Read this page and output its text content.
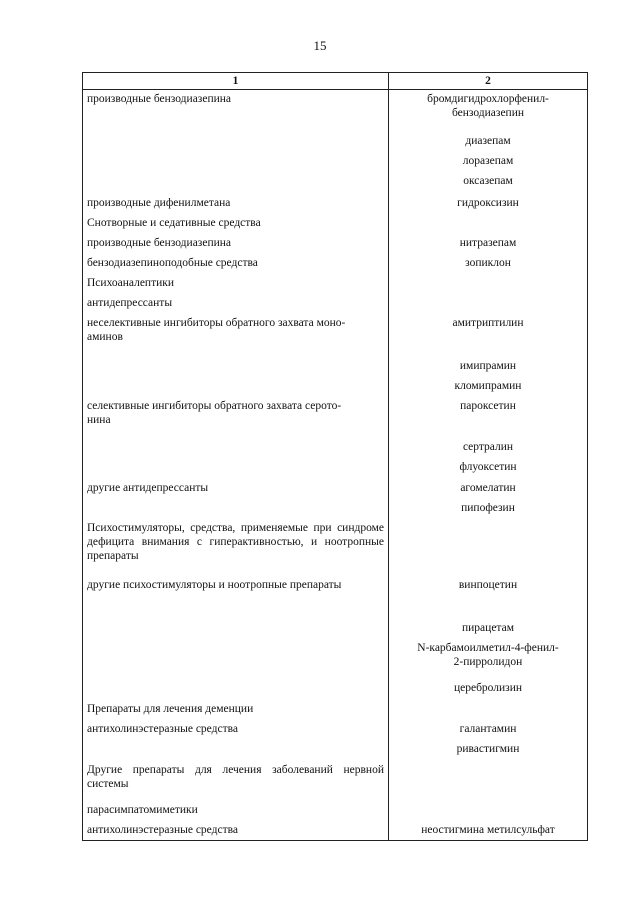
15
1	2
производные бензодиазепина	бромдигидрохлорфенил-
бензодиазепин
	диазепам
	лоразепам
	оксазепам
производные дифенилметана	гидроксизин
Снотворные и седативные средства	
производные бензодиазепина	нитразепам
бензодиазепиноподобные средства	зопиклон
Психоаналептики	
антидепрессанты	
неселективные ингибиторы обратного захвата моно-
аминов	амитриптилин
	имипрамин
	кломипрамин
селективные ингибиторы обратного захвата серото-
нина	пароксетин
	сертралин
	флуоксетин
другие антидепрессанты	агомелатин
	пипофезин
Психостимуляторы, средства, применяемые при синдроме дефицита внимания с гиперактивностью, и ноотропные препараты	
другие психостимуляторы и ноотропные препараты	винпоцетин
	пирацетам
	N-карбамоилметил-4-фенил-
2-пирролидон
	церебролизин
Препараты для лечения деменции	
антихолинэстеразные средства	галантамин
	ривастигмин
Другие препараты для лечения заболеваний нервной системы	
парасимпатомиметики	
антихолинэстеразные средства	неостигмина метилсульфат
